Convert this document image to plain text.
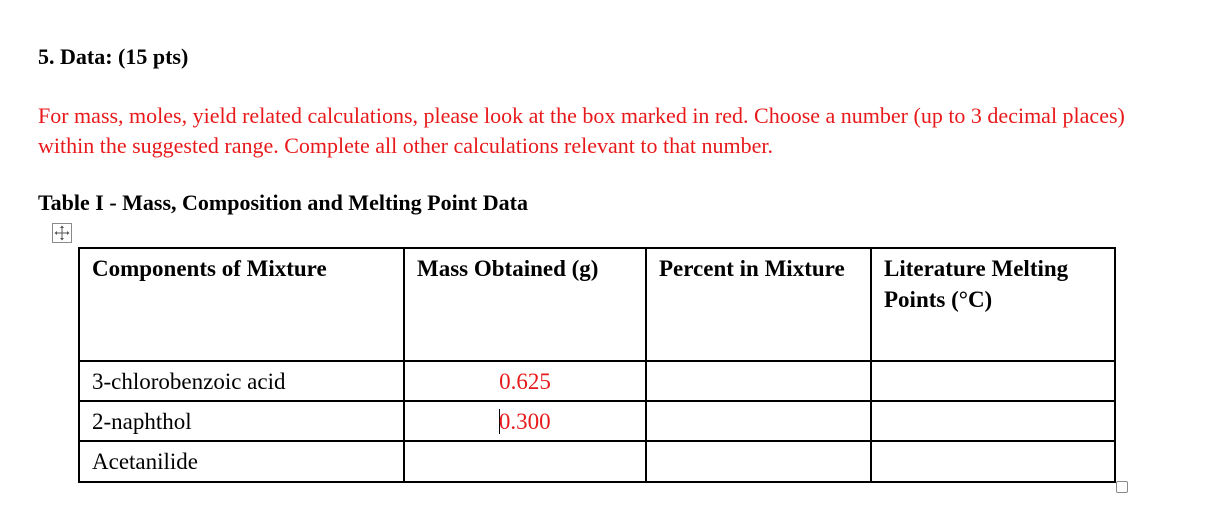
5. Data: (15 pts)
For mass, moles, yield related calculations, please look at the box marked in red. Choose a number (up to 3 decimal places) within the suggested range. Complete all other calculations relevant to that number.
Table I - Mass, Composition and Melting Point Data
Components of Mixture	Mass Obtained (g)	Percent in Mixture	Literature Melting Points (°C)
3-chlorobenzoic acid	0.625		
2-naphthol	0.300		
Acetanilide			
